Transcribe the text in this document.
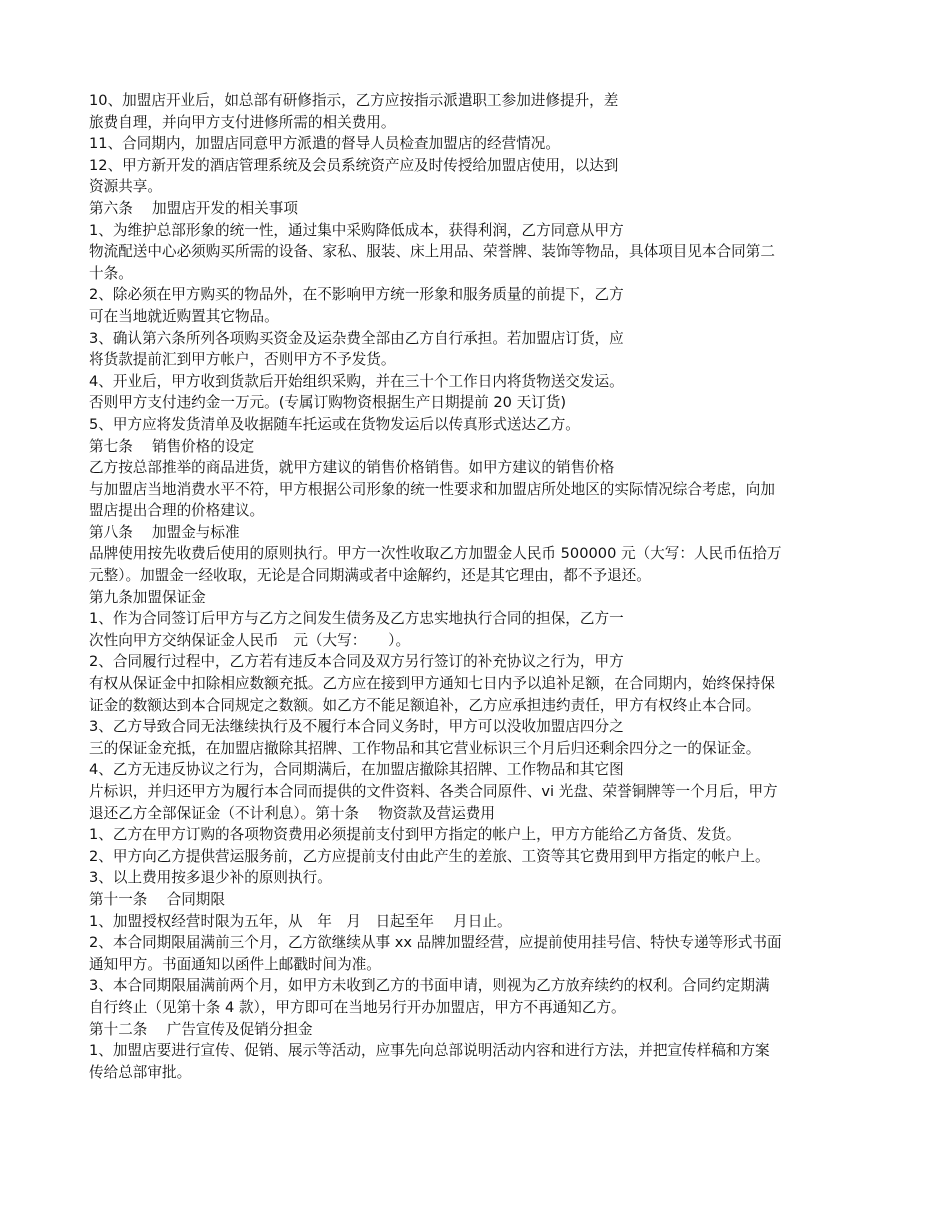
10、加盟店开业后，如总部有研修指示，乙方应按指示派遣职工参加进修提升，差
旅费自理，并向甲方支付进修所需的相关费用。
11、合同期内，加盟店同意甲方派遣的督导人员检查加盟店的经营情况。
12、甲方新开发的酒店管理系统及会员系统资产应及时传授给加盟店使用，以达到
资源共享。
第六条　 加盟店开发的相关事项
1、为维护总部形象的统一性，通过集中采购降低成本，获得利润，乙方同意从甲方
物流配送中心必须购买所需的设备、家私、服装、床上用品、荣誉牌、装饰等物品，具体项目见本合同第二
十条。
2、除必须在甲方购买的物品外，在不影响甲方统一形象和服务质量的前提下，乙方
可在当地就近购置其它物品。
3、确认第六条所列各项购买资金及运杂费全部由乙方自行承担。若加盟店订货，应
将货款提前汇到甲方帐户，否则甲方不予发货。
4、开业后，甲方收到货款后开始组织采购，并在三十个工作日内将货物送交发运。
否则甲方支付违约金一万元。(专属订购物资根据生产日期提前 20 天订货)
5、甲方应将发货清单及收据随车托运或在货物发运后以传真形式送达乙方。
第七条　 销售价格的设定
乙方按总部推举的商品进货，就甲方建议的销售价格销售。如甲方建议的销售价格
与加盟店当地消费水平不符，甲方根据公司形象的统一性要求和加盟店所处地区的实际情况综合考虑，向加
盟店提出合理的价格建议。
第八条　 加盟金与标准
品牌使用按先收费后使用的原则执行。甲方一次性收取乙方加盟金人民币 500000 元（大写：人民币伍拾万
元整）。加盟金一经收取，无论是合同期满或者中途解约，还是其它理由，都不予退还。
第九条加盟保证金
1、作为合同签订后甲方与乙方之间发生债务及乙方忠实地执行合同的担保，乙方一
次性向甲方交纳保证金人民币　元（大写：　　）。
2、合同履行过程中，乙方若有违反本合同及双方另行签订的补充协议之行为，甲方
有权从保证金中扣除相应数额充抵。乙方应在接到甲方通知七日内予以追补足额，在合同期内，始终保持保
证金的数额达到本合同规定之数额。如乙方不能足额追补，乙方应承担违约责任，甲方有权终止本合同。
3、乙方导致合同无法继续执行及不履行本合同义务时，甲方可以没收加盟店四分之
三的保证金充抵，在加盟店撤除其招牌、工作物品和其它营业标识三个月后归还剩余四分之一的保证金。
4、乙方无违反协议之行为，合同期满后，在加盟店撤除其招牌、工作物品和其它图
片标识，并归还甲方为履行本合同而提供的文件资料、各类合同原件、vi 光盘、荣誉铜牌等一个月后，甲方
退还乙方全部保证金（不计利息）。第十条　 物资款及营运费用
1、乙方在甲方订购的各项物资费用必须提前支付到甲方指定的帐户上，甲方方能给乙方备货、发货。
2、甲方向乙方提供营运服务前，乙方应提前支付由此产生的差旅、工资等其它费用到甲方指定的帐户上。
3、以上费用按多退少补的原则执行。
第十一条　 合同期限
1、加盟授权经营时限为五年，从　年　月　日起至年　 月日止。
2、本合同期限届满前三个月，乙方欲继续从事 xx 品牌加盟经营，应提前使用挂号信、特快专递等形式书面
通知甲方。书面通知以函件上邮戳时间为准。
3、本合同期限届满前两个月，如甲方未收到乙方的书面申请，则视为乙方放弃续约的权利。合同约定期满
自行终止（见第十条 4 款），甲方即可在当地另行开办加盟店，甲方不再通知乙方。
第十二条　 广告宣传及促销分担金
1、加盟店要进行宣传、促销、展示等活动，应事先向总部说明活动内容和进行方法，并把宣传样稿和方案
传给总部审批。
